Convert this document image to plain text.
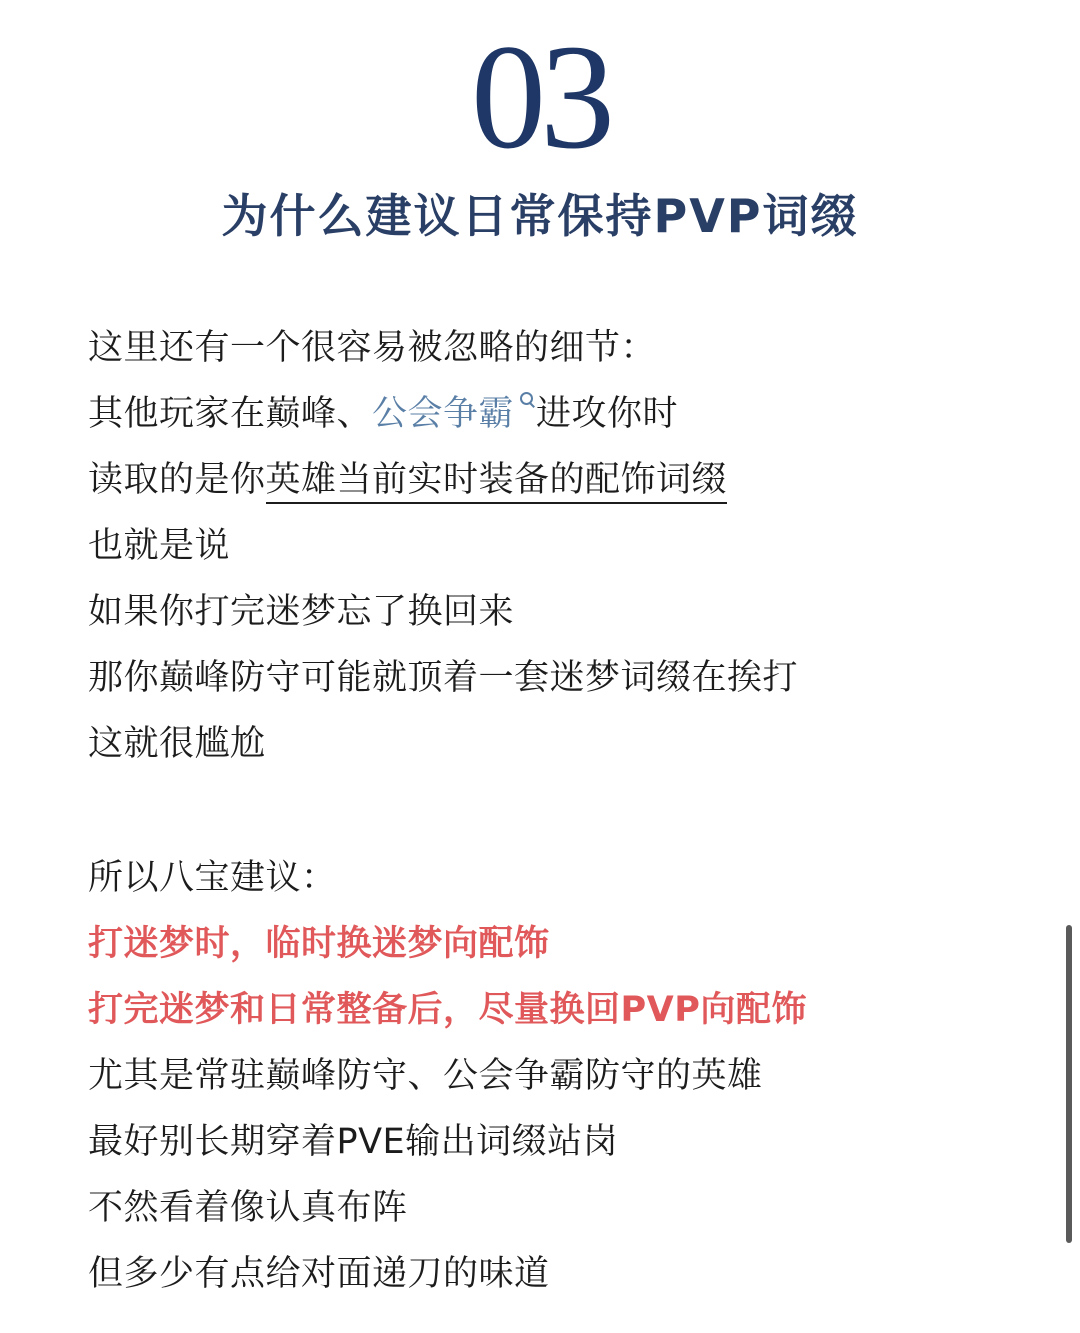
03
为什么建议日常保持PVP词缀
这里还有一个很容易被忽略的细节：
其他玩家在巅峰、公会争霸 进攻你时
读取的是你英雄当前实时装备的配饰词缀
也就是说
如果你打完迷梦忘了换回来
那你巅峰防守可能就顶着一套迷梦词缀在挨打
这就很尴尬
所以八宝建议：
打迷梦时，临时换迷梦向配饰
打完迷梦和日常整备后，尽量换回PVP向配饰
尤其是常驻巅峰防守、公会争霸防守的英雄
最好别长期穿着PVE输出词缀站岗
不然看着像认真布阵
但多少有点给对面递刀的味道
